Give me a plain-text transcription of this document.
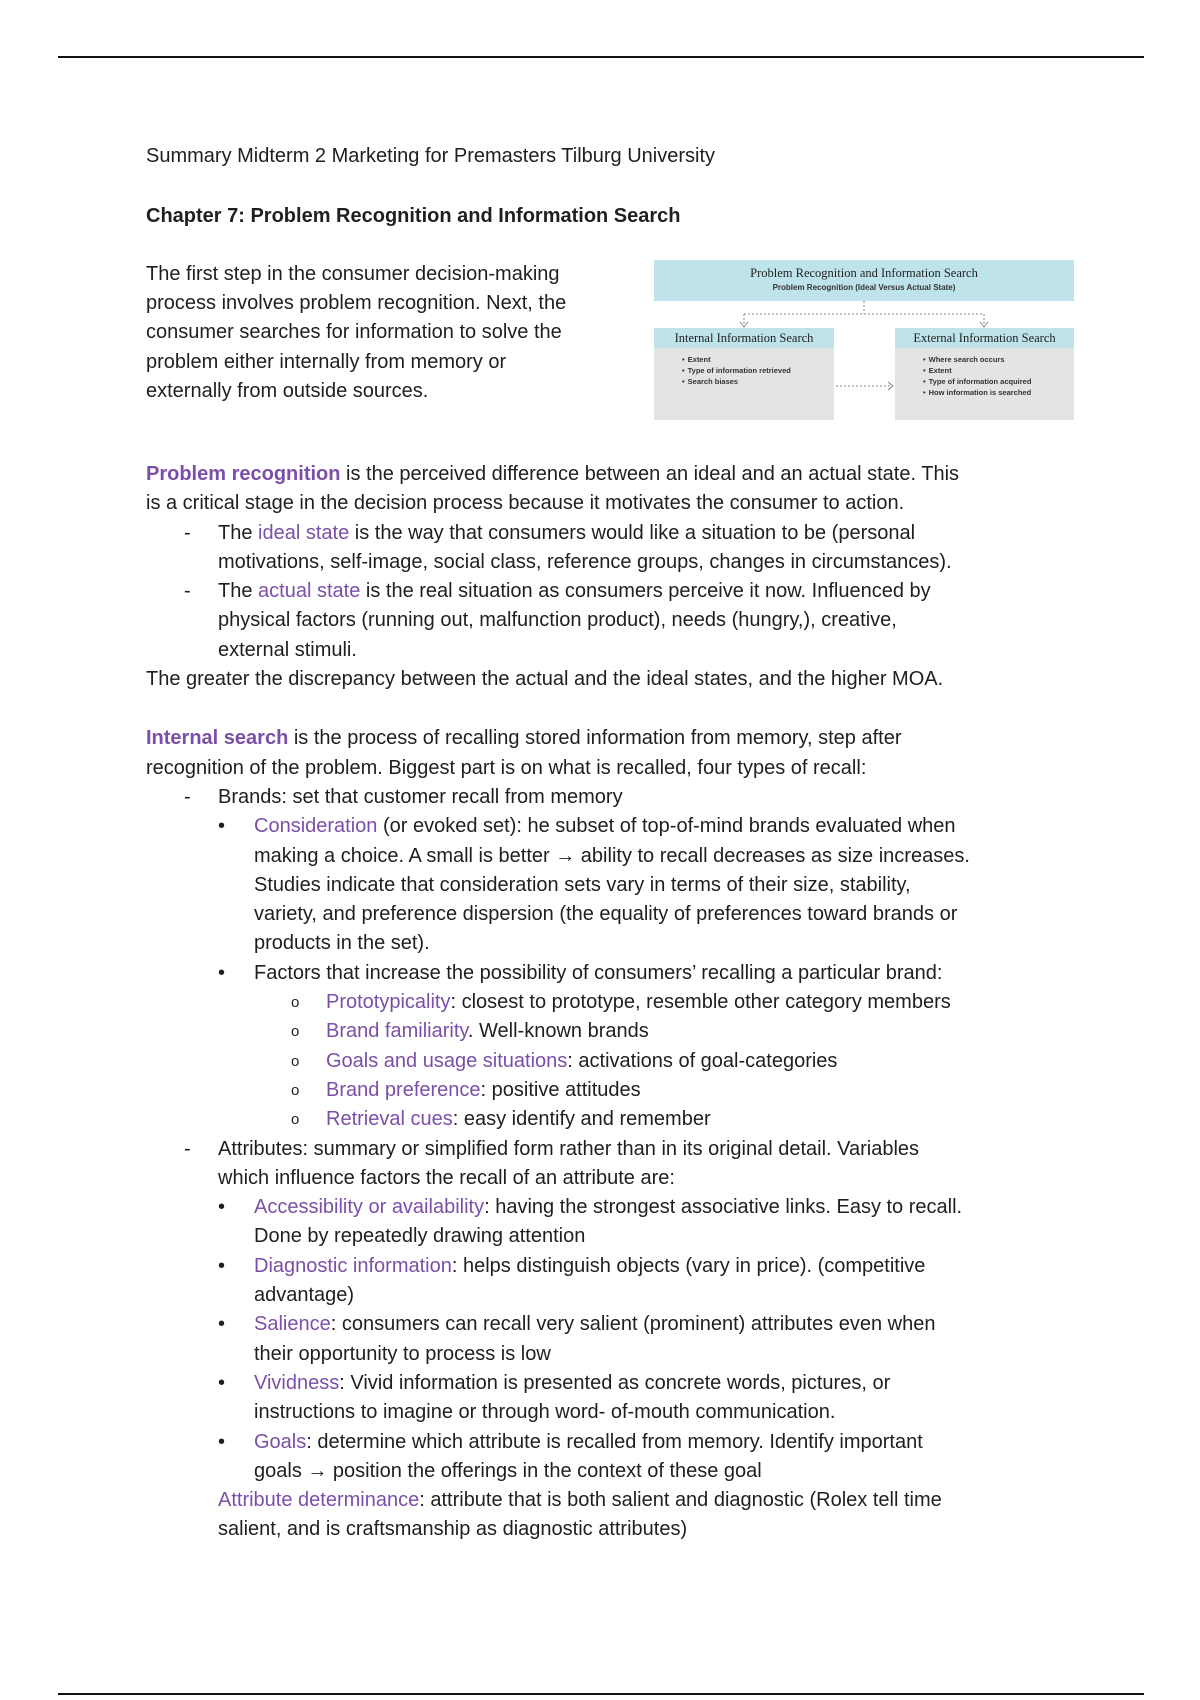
Summary Midterm 2 Marketing for Premasters Tilburg University
Chapter 7: Problem Recognition and Information Search
The first step in the consumer decision-making
process involves problem recognition. Next, the
consumer searches for information to solve the
problem either internally from memory or
externally from outside sources.
Problem Recognition and Information Search
Problem Recognition (Ideal Versus Actual State)
Internal Information Search
• Extent
• Type of information retrieved
• Search biases
External Information Search
• Where search occurs
• Extent
• Type of information acquired
• How information is searched
Problem recognition is the perceived difference between an ideal and an actual state. This
is a critical stage in the decision process because it motivates the consumer to action.
- The ideal state is the way that consumers would like a situation to be (personal
motivations, self-image, social class, reference groups, changes in circumstances).
- The actual state is the real situation as consumers perceive it now. Influenced by
physical factors (running out, malfunction product), needs (hungry,), creative,
external stimuli.
The greater the discrepancy between the actual and the ideal states, and the higher MOA.
Internal search is the process of recalling stored information from memory, step after
recognition of the problem. Biggest part is on what is recalled, four types of recall:
- Brands: set that customer recall from memory
• Consideration (or evoked set): he subset of top-of-mind brands evaluated when
making a choice. A small is better → ability to recall decreases as size increases.
Studies indicate that consideration sets vary in terms of their size, stability,
variety, and preference dispersion (the equality of preferences toward brands or
products in the set).
• Factors that increase the possibility of consumers’ recalling a particular brand:
o Prototypicality: closest to prototype, resemble other category members
o Brand familiarity. Well-known brands
o Goals and usage situations: activations of goal-categories
o Brand preference: positive attitudes
o Retrieval cues: easy identify and remember
- Attributes: summary or simplified form rather than in its original detail. Variables
which influence factors the recall of an attribute are:
• Accessibility or availability: having the strongest associative links. Easy to recall.
Done by repeatedly drawing attention
• Diagnostic information: helps distinguish objects (vary in price). (competitive
advantage)
• Salience: consumers can recall very salient (prominent) attributes even when
their opportunity to process is low
• Vividness: Vivid information is presented as concrete words, pictures, or
instructions to imagine or through word- of-mouth communication.
• Goals: determine which attribute is recalled from memory. Identify important
goals → position the offerings in the context of these goal
Attribute determinance: attribute that is both salient and diagnostic (Rolex tell time
salient, and is craftsmanship as diagnostic attributes)
